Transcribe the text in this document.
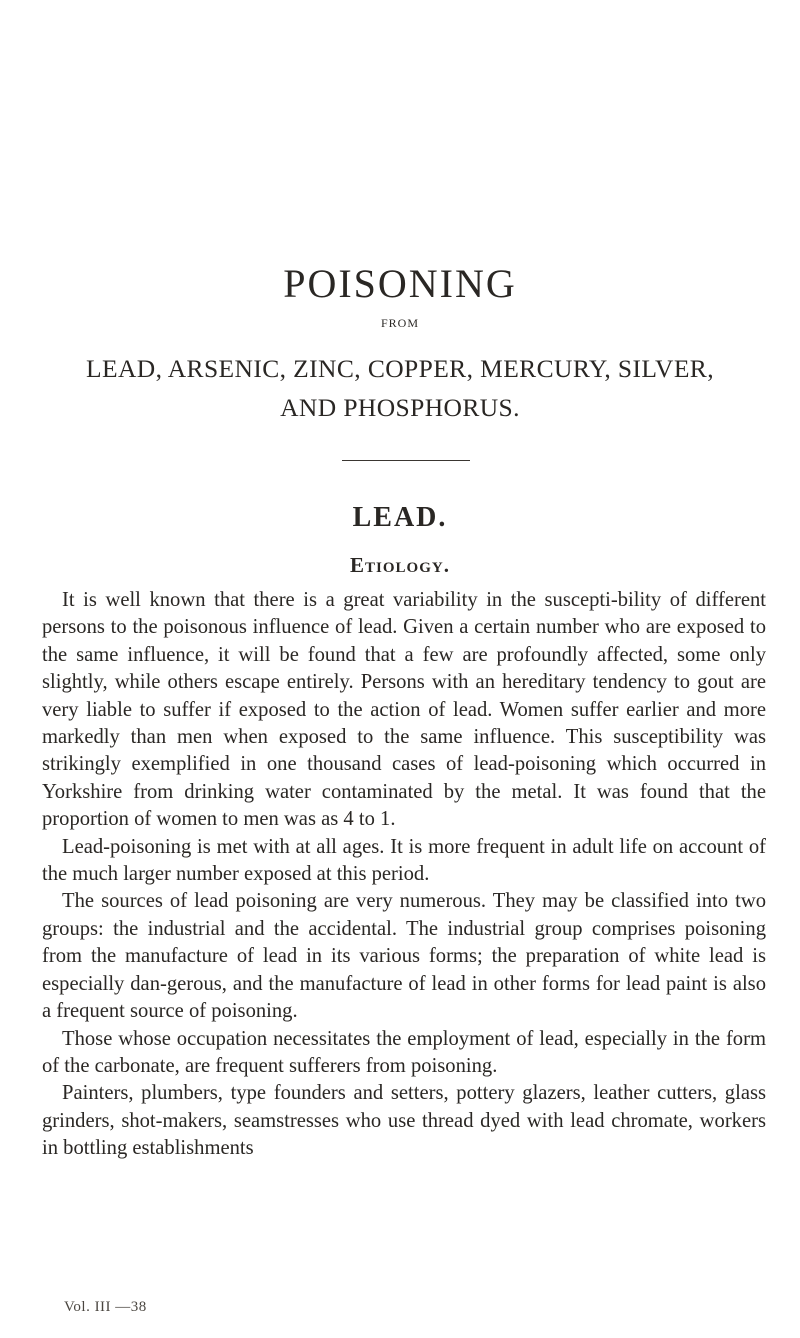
POISONING

FROM

LEAD, ARSENIC, ZINC, COPPER, MERCURY, SILVER,
AND PHOSPHORUS.
LEAD.
Etiology.

It is well known that there is a great variability in the suscepti-bility of different persons to the poisonous influence of lead. Given a certain number who are exposed to the same influence, it will be found that a few are profoundly affected, some only slightly, while others escape entirely. Persons with an hereditary tendency to gout are very liable to suffer if exposed to the action of lead. Women suffer earlier and more markedly than men when exposed to the same influence. This susceptibility was strikingly exemplified in one thousand cases of lead-poisoning which occurred in Yorkshire from drinking water contaminated by the metal. It was found that the proportion of women to men was as 4 to 1.

Lead-poisoning is met with at all ages. It is more frequent in adult life on account of the much larger number exposed at this period.

The sources of lead poisoning are very numerous. They may be classified into two groups: the industrial and the accidental. The industrial group comprises poisoning from the manufacture of lead in its various forms; the preparation of white lead is especially dan-gerous, and the manufacture of lead in other forms for lead paint is also a frequent source of poisoning.

Those whose occupation necessitates the employment of lead, especially in the form of the carbonate, are frequent sufferers from poisoning.

Painters, plumbers, type founders and setters, pottery glazers, leather cutters, glass grinders, shot-makers, seamstresses who use thread dyed with lead chromate, workers in bottling establishments

Vol. III —38
